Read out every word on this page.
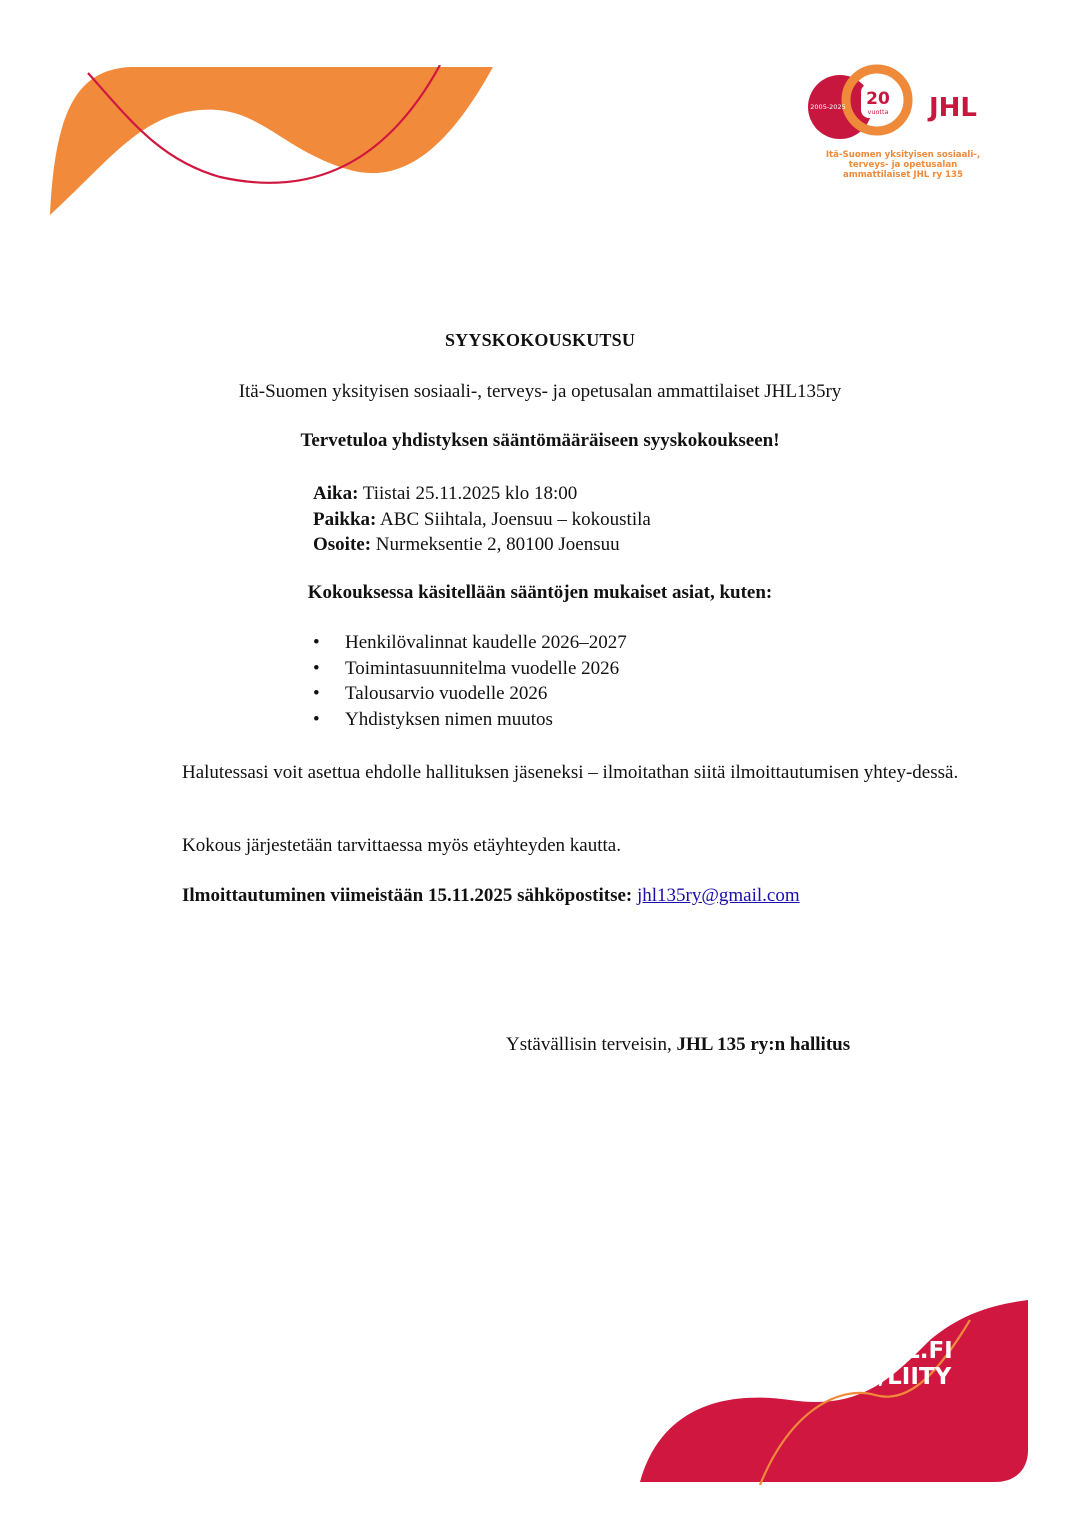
2005-2025 20
vuotta JHL
Itä-Suomen yksityisen sosiaali-,
terveys- ja opetusalan
ammattilaiset JHL ry 135
SYYSKOKOUSKUTSU
Itä-Suomen yksityisen sosiaali-, terveys- ja opetusalan ammattilaiset JHL135ry
Tervetuloa yhdistyksen sääntömääräiseen syyskokoukseen!
Aika: Tiistai 25.11.2025 klo 18:00
Paikka: ABC Siihtala, Joensuu – kokoustila
Osoite: Nurmeksentie 2, 80100 Joensuu
Kokouksessa käsitellään sääntöjen mukaiset asiat, kuten:
• Henkilövalinnat kaudelle 2026–2027
• Toimintasuunnitelma vuodelle 2026
• Talousarvio vuodelle 2026
• Yhdistyksen nimen muutos
Halutessasi voit asettua ehdolle hallituksen jäseneksi – ilmoitathan siitä ilmoittautumisen yhtey-dessä.
Kokous järjestetään tarvittaessa myös etäyhteyden kautta.
Ilmoittautuminen viimeistään 15.11.2025 sähköpostitse: jhl135ry@gmail.com
Ystävällisin terveisin, JHL 135 ry:n hallitus
JHL.FI
/LIITY
